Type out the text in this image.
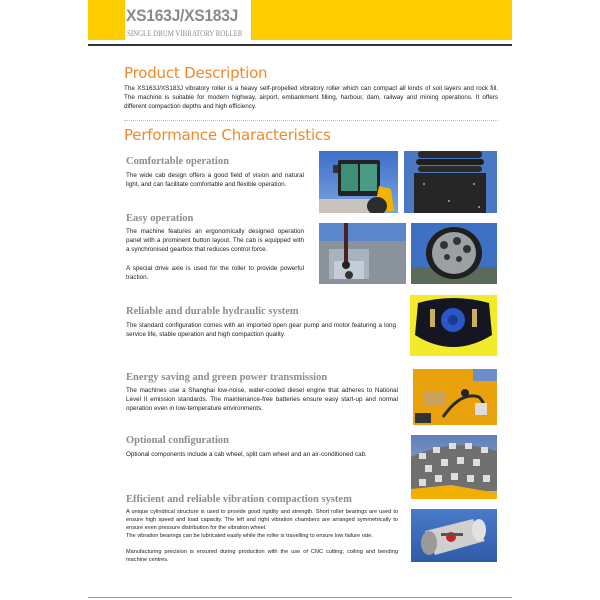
XS163J/XS183J
SINGLE DRUM VIBRATORY ROLLER
Product Description
The XS163J/XS183J vibratory roller is a heavy self-propelled vibratory roller which can compact all kinds of soil layers and rock fill. The machine is suitable for modern highway, airport, embankment filling, harbour, dam, railway and mining operations. It offers different compaction depths and high efficiency.
Performance Characteristics
Comfortable operation
The wide cab design offers a good field of vision and natural light, and can facilitate comfortable and flexible operation.
Easy operation
The machine features an ergonomically designed operation panel with a prominent button layout. The cab is equipped with a synchronised gearbox that reduces control force.
A special drive axle is used for the roller to provide powerful traction.
Reliable and durable hydraulic system
The standard configuration comes with an imported open gear pump and motor featuring a long service life, stable operation and high compaction quality.
Energy saving and green power transmission
The machines use a Shanghai low-noise, water-cooled diesel engine that adheres to National Level II emission standards. The maintenance-free batteries ensure easy start-up and normal operation even in low-temperature environments.
Optional configuration
Optional components include a cab wheel, split cam wheel and an air-conditioned cab.
Efficient and reliable vibration compaction system
A unique cylindrical structure is used to provide good rigidity and strength. Short roller bearings are used to ensure high speed and load capacity. The left and right vibration chambers are arranged symmetrically to ensure even pressure distribution for the vibration wheel.
The vibration bearings can be lubricated easily while the roller is travelling to ensure low failure rate.
Manufacturing precision is ensured during production with the use of CNC cutting, coiling and bending machine centres.
